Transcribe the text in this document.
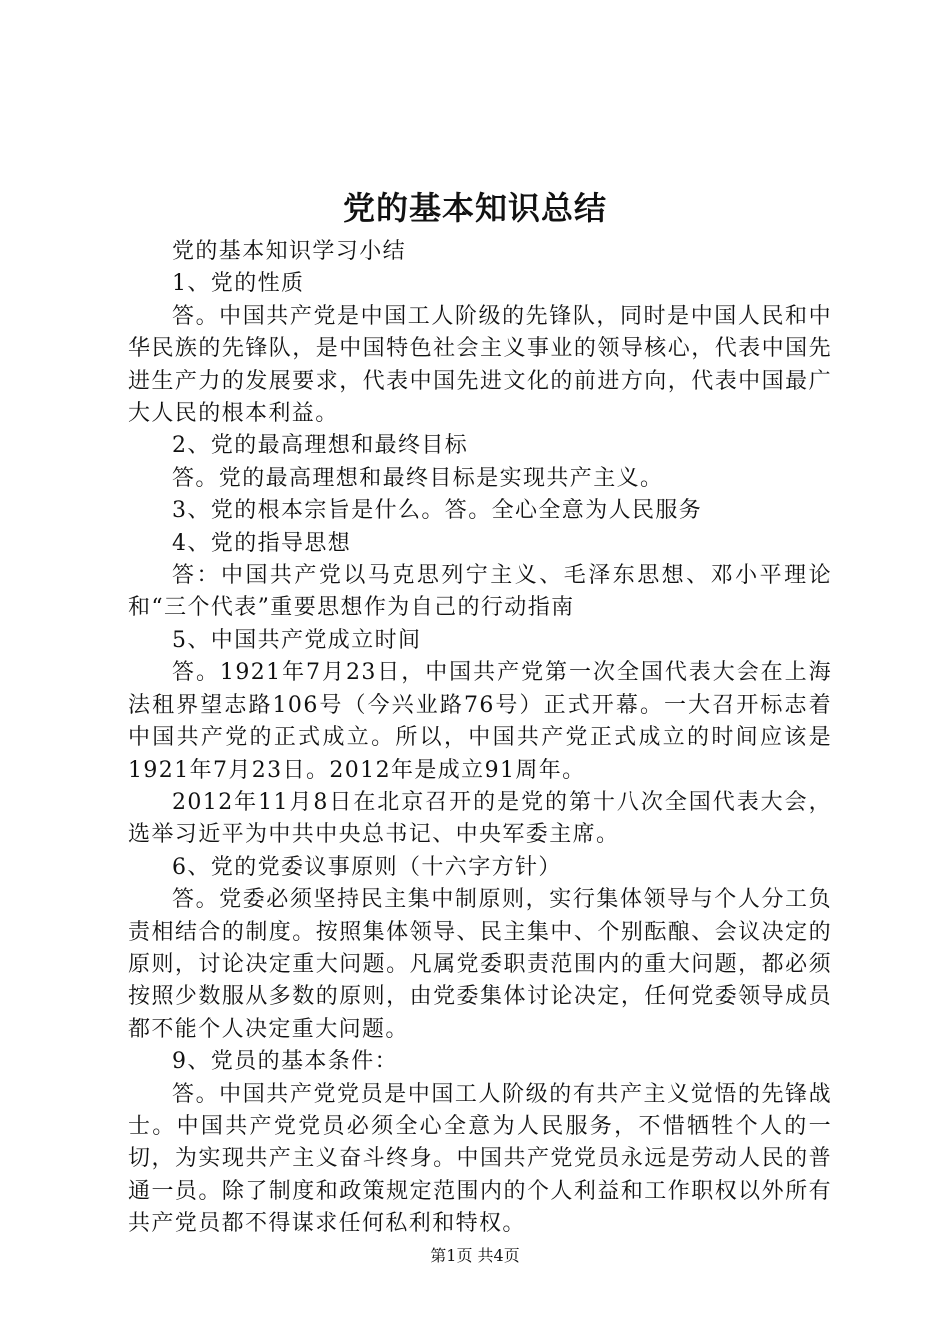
党的基本知识总结

党的基本知识学习小结

1、党的性质

答。中国共产党是中国工人阶级的先锋队，同时是中国人民和中华民族的先锋队，是中国特色社会主义事业的领导核心，代表中国先进生产力的发展要求，代表中国先进文化的前进方向，代表中国最广大人民的根本利益。

2、党的最高理想和最终目标

答。党的最高理想和最终目标是实现共产主义。

3、党的根本宗旨是什么。答。全心全意为人民服务

4、党的指导思想

答：中国共产党以马克思列宁主义、毛泽东思想、邓小平理论和“三个代表”重要思想作为自己的行动指南

5、中国共产党成立时间

答。1921年7月23日，中国共产党第一次全国代表大会在上海法租界望志路106号（今兴业路76号）正式开幕。一大召开标志着中国共产党的正式成立。所以，中国共产党正式成立的时间应该是1921年7月23日。2012年是成立91周年。

2012年11月8日在北京召开的是党的第十八次全国代表大会，选举习近平为中共中央总书记、中央军委主席。

6、党的党委议事原则（十六字方针）

答。党委必须坚持民主集中制原则，实行集体领导与个人分工负责相结合的制度。按照集体领导、民主集中、个别酝酿、会议决定的原则，讨论决定重大问题。凡属党委职责范围内的重大问题，都必须按照少数服从多数的原则，由党委集体讨论决定，任何党委领导成员都不能个人决定重大问题。

9、党员的基本条件：

答。中国共产党党员是中国工人阶级的有共产主义觉悟的先锋战士。中国共产党党员必须全心全意为人民服务，不惜牺牲个人的一切，为实现共产主义奋斗终身。中国共产党党员永远是劳动人民的普通一员。除了制度和政策规定范围内的个人利益和工作职权以外所有共产党员都不得谋求任何私利和特权。

第1页 共4页
